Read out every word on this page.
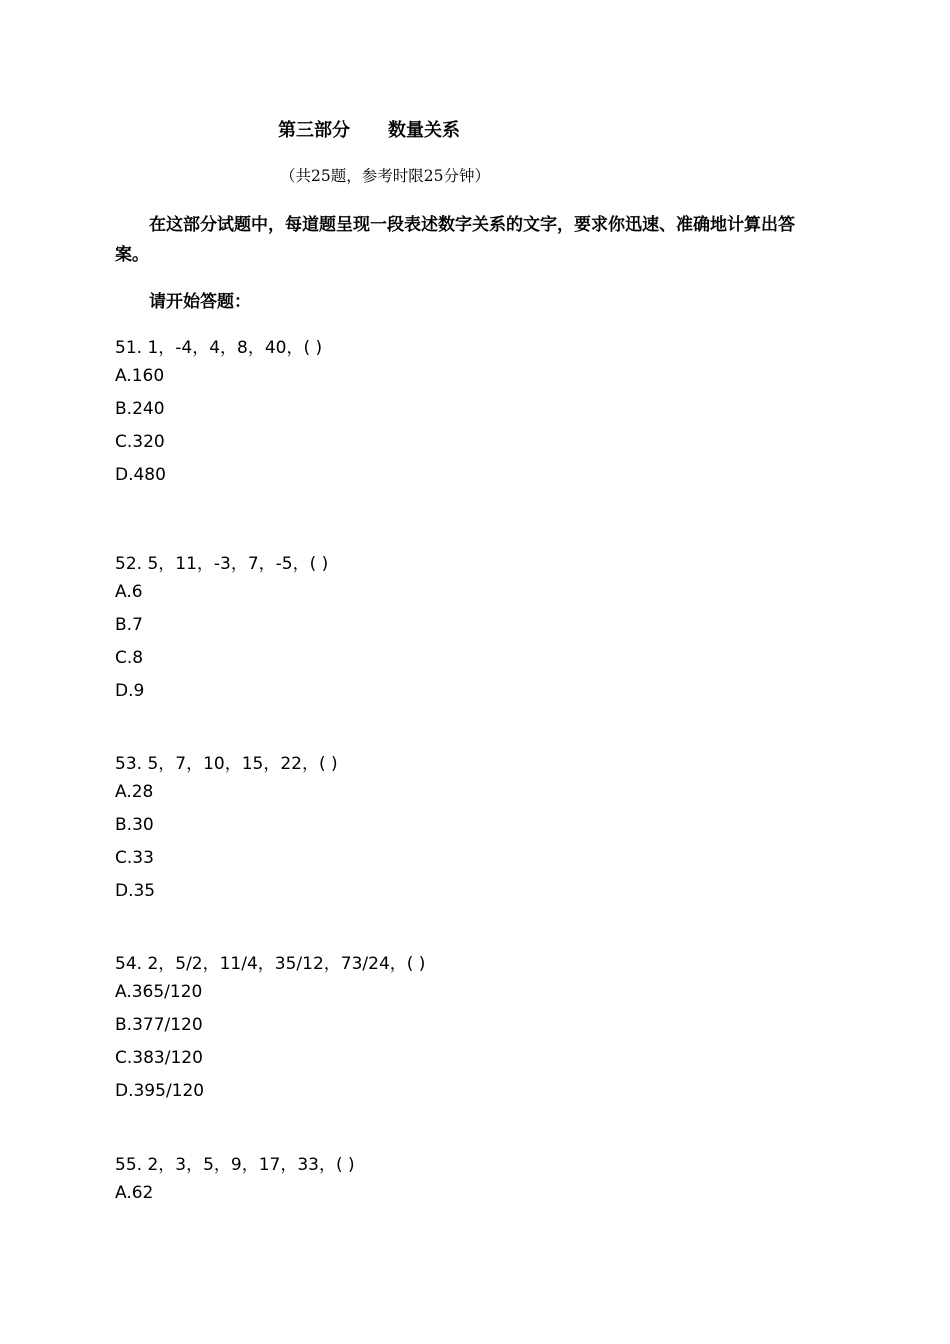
第三部分 数量关系
（共25题，参考时限25分钟）
在这部分试题中，每道题呈现一段表述数字关系的文字，要求你迅速、准确地计算出答案。
请开始答题：
51. 1，-4，4，8，40，( )
A.160
B.240
C.320
D.480
52. 5，11，-3，7，-5，( )
A.6
B.7
C.8
D.9
53. 5，7，10，15，22，( )
A.28
B.30
C.33
D.35
54. 2，5/2，11/4，35/12，73/24，( )
A.365/120
B.377/120
C.383/120
D.395/120
55. 2，3，5，9，17，33，( )
A.62
